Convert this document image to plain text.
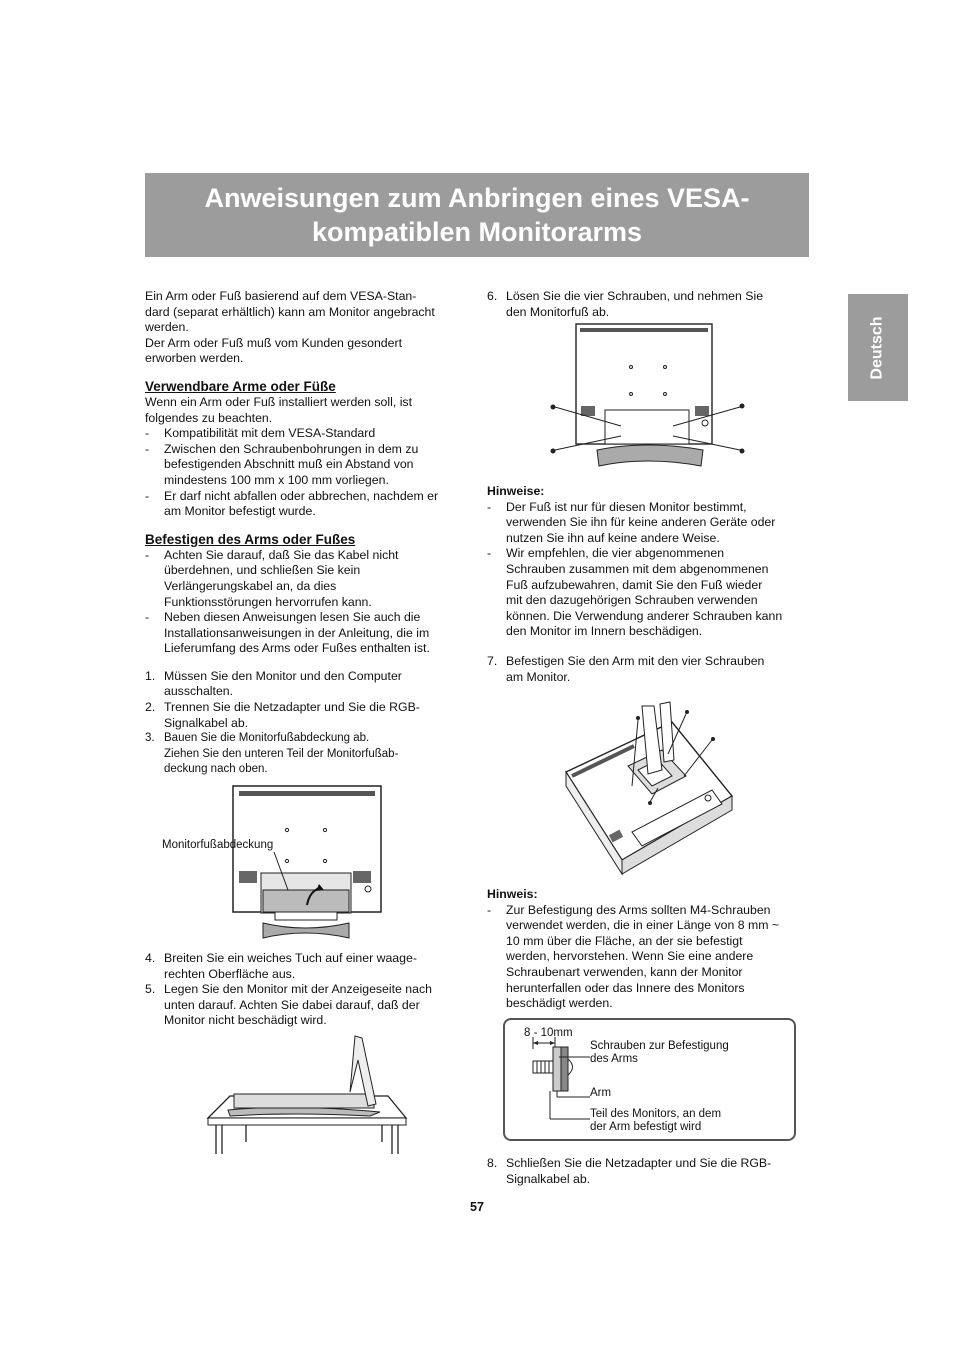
Anweisungen zum Anbringen eines VESA-
kompatiblen Monitorarms
Deutsch

Ein Arm oder Fuß basierend auf dem VESA-Stan-
dard (separat erhältlich) kann am Monitor angebracht
werden.
Der Arm oder Fuß muß vom Kunden gesondert
erworben werden.

Verwendbare Arme oder Füße

Wenn ein Arm oder Fuß installiert werden soll, ist
folgendes zu beachten.

-	Kompatibilität mit dem VESA-Standard
-	Zwischen den Schraubenbohrungen in dem zu
befestigenden Abschnitt muß ein Abstand von
mindestens 100 mm x 100 mm vorliegen.
-	Er darf nicht abfallen oder abbrechen, nachdem er
am Monitor befestigt wurde.
Befestigen des Arms oder Fußes
-	Achten Sie darauf, daß Sie das Kabel nicht
überdehnen, und schließen Sie kein
Verlängerungskabel an, da dies
Funktionsstörungen hervorrufen kann.
-	Neben diesen Anweisungen lesen Sie auch die
Installationsanweisungen in der Anleitung, die im
Lieferumfang des Arms oder Fußes enthalten ist.
1. Müssen Sie den Monitor und den Computer
ausschalten.
2. Trennen Sie die Netzadapter und Sie die RGB-
Signalkabel ab.
3. Bauen Sie die Monitorfußabdeckung ab.
Ziehen Sie den unteren Teil der Monitorfußab-
deckung nach oben.
Monitorfußabdeckung
4. Breiten Sie ein weiches Tuch auf einer waage-
rechten Oberfläche aus.
5. Legen Sie den Monitor mit der Anzeigeseite nach
unten darauf. Achten Sie dabei darauf, daß der
Monitor nicht beschädigt wird.
6. Lösen Sie die vier Schrauben, und nehmen Sie
den Monitorfuß ab.

Hinweise:

-	Der Fuß ist nur für diesen Monitor bestimmt,
verwenden Sie ihn für keine anderen Geräte oder
nutzen Sie ihn auf keine andere Weise.
-	Wir empfehlen, die vier abgenommenen
Schrauben zusammen mit dem abgenommenen
Fuß aufzubewahren, damit Sie den Fuß wieder
mit den dazugehörigen Schrauben verwenden
können. Die Verwendung anderer Schrauben kann
den Monitor im Innern beschädigen.
7. Befestigen Sie den Arm mit den vier Schrauben
am Monitor.

Hinweis:

-	Zur Befestigung des Arms sollten M4-Schrauben
verwendet werden, die in einer Länge von 8 mm ~
10 mm über die Fläche, an der sie befestigt
werden, hervorstehen. Wenn Sie eine andere
Schraubenart verwenden, kann der Monitor
herunterfallen oder das Innere des Monitors
beschädigt werden.
8 - 10mm
Schrauben zur Befestigung
des Arms
Arm
Teil des Monitors, an dem
der Arm befestigt wird
8. Schließen Sie die Netzadapter und Sie die RGB-
Signalkabel ab.
57
